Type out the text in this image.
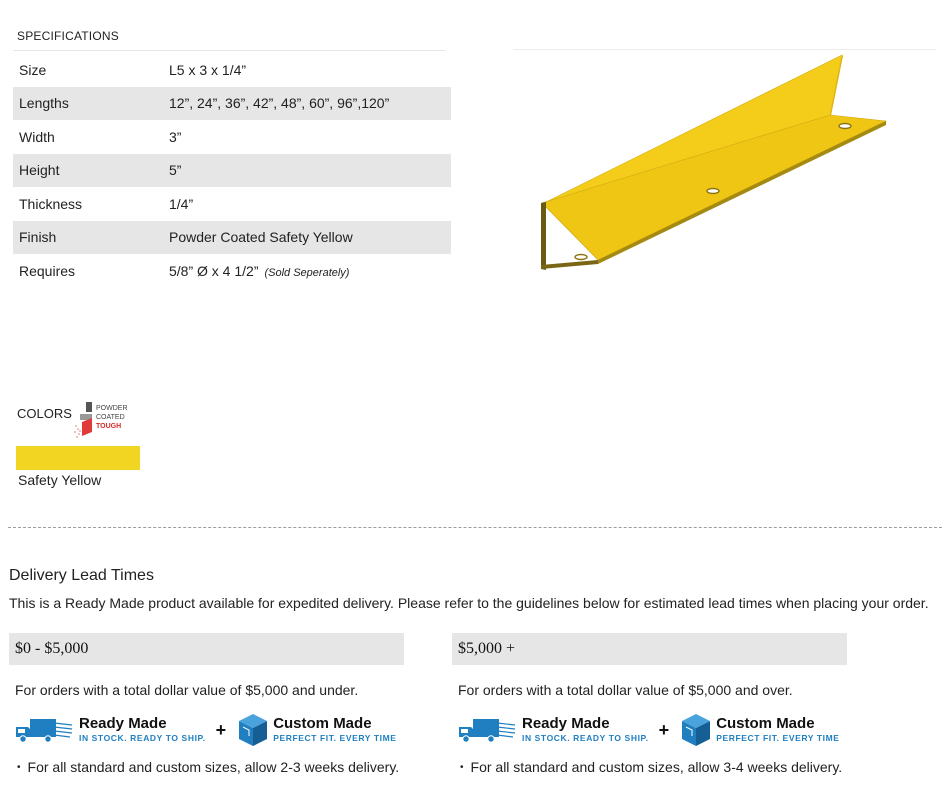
SPECIFICATIONS
Size	L5 x 3 x 1/4”
Lengths	12”, 24”, 36”, 42”, 48”, 60”, 96”,120”
Width	3”
Height	5”
Thickness	1/4”
Finish	Powder Coated Safety Yellow
Requires	5/8” Ø x 4 1/2” (Sold Seperately)
COLORS	POWDER
COATED
TOUGH
Safety Yellow
Delivery Lead Times
This is a Ready Made product available for expedited delivery. Please refer to the guidelines below for estimated lead times when placing your order.
$0 - $5,000
For orders with a total dollar value of $5,000 and under.
Ready Made
IN STOCK. READY TO SHIP. +	Custom Made
PERFECT FIT. EVERY TIME
• For all standard and custom sizes, allow 2-3 weeks delivery.
$5,000 +
For orders with a total dollar value of $5,000 and over.
Ready Made
IN STOCK. READY TO SHIP. +	Custom Made
PERFECT FIT. EVERY TIME
• For all standard and custom sizes, allow 3-4 weeks delivery.
